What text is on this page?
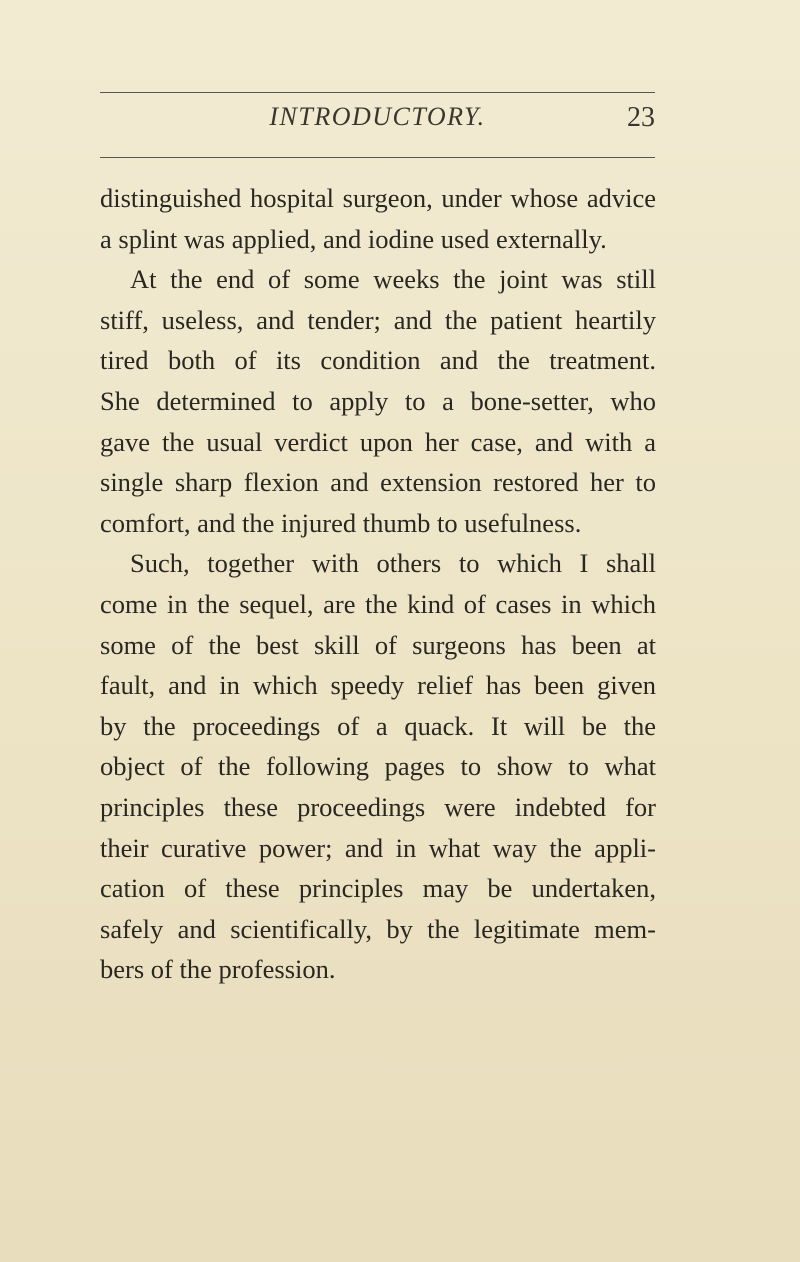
INTRODUCTORY.	23
distinguished hospital surgeon, under whose advice
a splint was applied, and iodine used externally.
At the end of some weeks the joint was still
stiff, useless, and tender; and the patient heartily
tired both of its condition and the treatment.
She determined to apply to a bone-setter, who
gave the usual verdict upon her case, and with a
single sharp flexion and extension restored her to
comfort, and the injured thumb to usefulness.
Such, together with others to which I shall
come in the sequel, are the kind of cases in which
some of the best skill of surgeons has been at
fault, and in which speedy relief has been given
by the proceedings of a quack. It will be the
object of the following pages to show to what
principles these proceedings were indebted for
their curative power; and in what way the appli-
cation of these principles may be undertaken,
safely and scientifically, by the legitimate mem-
bers of the profession.
